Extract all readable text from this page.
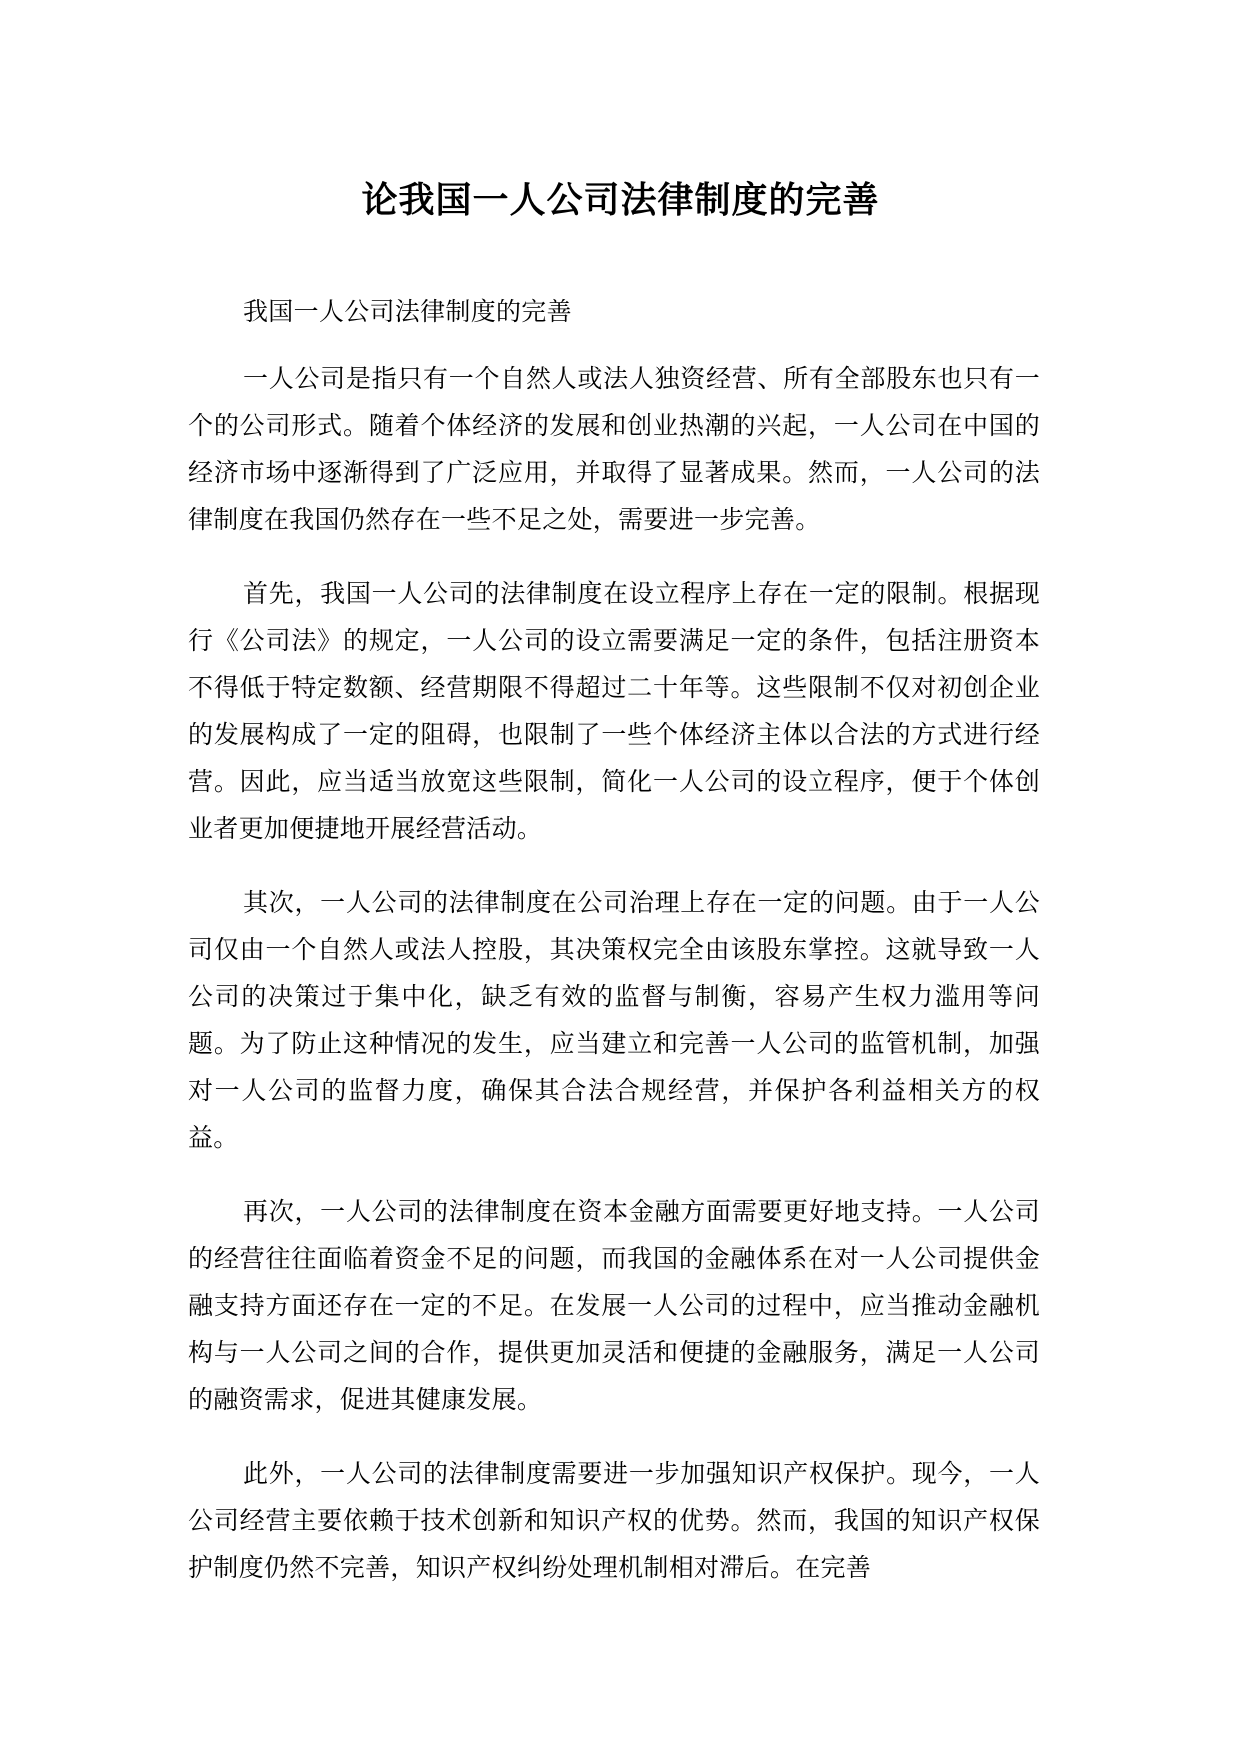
论我国一人公司法律制度的完善

我国一人公司法律制度的完善

一人公司是指只有一个自然人或法人独资经营、所有全部股东也只有一个的公司形式。随着个体经济的发展和创业热潮的兴起，一人公司在中国的经济市场中逐渐得到了广泛应用，并取得了显著成果。然而，一人公司的法律制度在我国仍然存在一些不足之处，需要进一步完善。

首先，我国一人公司的法律制度在设立程序上存在一定的限制。根据现行《公司法》的规定，一人公司的设立需要满足一定的条件，包括注册资本不得低于特定数额、经营期限不得超过二十年等。这些限制不仅对初创企业的发展构成了一定的阻碍，也限制了一些个体经济主体以合法的方式进行经营。因此，应当适当放宽这些限制，简化一人公司的设立程序，便于个体创业者更加便捷地开展经营活动。

其次，一人公司的法律制度在公司治理上存在一定的问题。由于一人公司仅由一个自然人或法人控股，其决策权完全由该股东掌控。这就导致一人公司的决策过于集中化，缺乏有效的监督与制衡，容易产生权力滥用等问题。为了防止这种情况的发生，应当建立和完善一人公司的监管机制，加强对一人公司的监督力度，确保其合法合规经营，并保护各利益相关方的权益。

再次，一人公司的法律制度在资本金融方面需要更好地支持。一人公司的经营往往面临着资金不足的问题，而我国的金融体系在对一人公司提供金融支持方面还存在一定的不足。在发展一人公司的过程中，应当推动金融机构与一人公司之间的合作，提供更加灵活和便捷的金融服务，满足一人公司的融资需求，促进其健康发展。

此外，一人公司的法律制度需要进一步加强知识产权保护。现今，一人公司经营主要依赖于技术创新和知识产权的优势。然而，我国的知识产权保护制度仍然不完善，知识产权纠纷处理机制相对滞后。在完善
